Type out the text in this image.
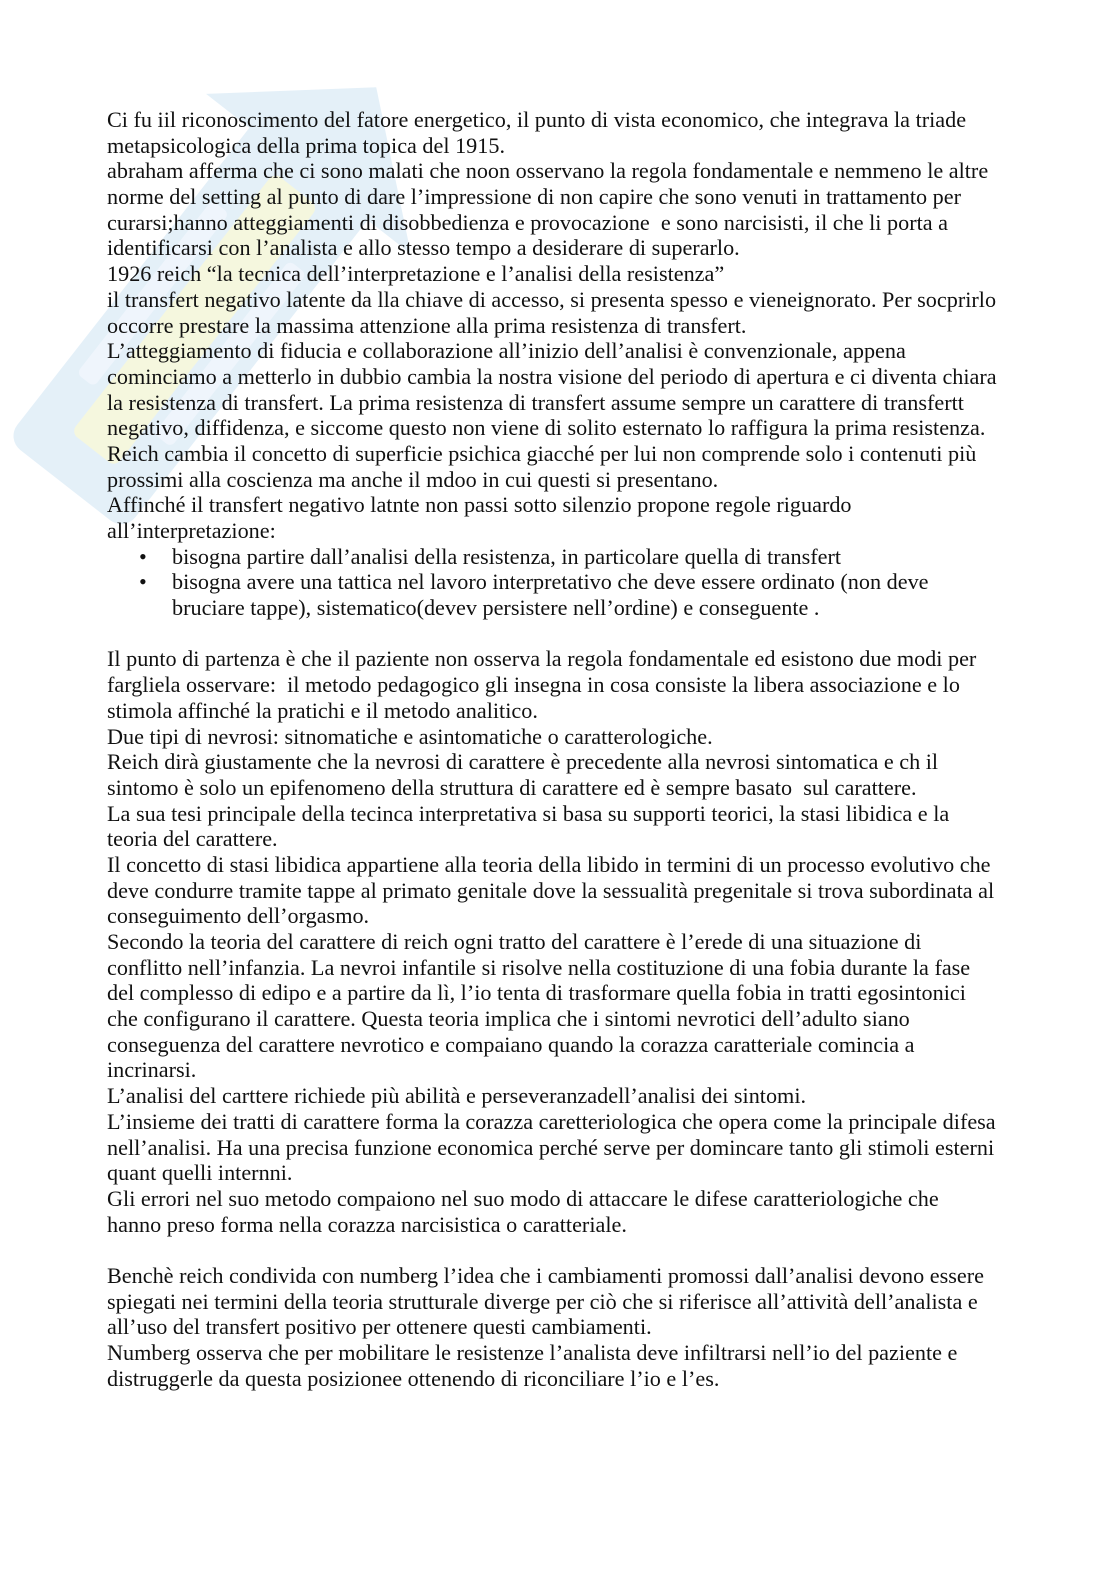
Ci fu iil riconoscimento del fatore energetico, il punto di vista economico, che integrava la triade
metapsicologica della prima topica del 1915.
abraham afferma che ci sono malati che noon osservano la regola fondamentale e nemmeno le altre
norme del setting al punto di dare l’impressione di non capire che sono venuti in trattamento per
curarsi;hanno atteggiamenti di disobbedienza e provocazione  e sono narcisisti, il che li porta a
identificarsi con l’analista e allo stesso tempo a desiderare di superarlo.
1926 reich “la tecnica dell’interpretazione e l’analisi della resistenza”
il transfert negativo latente da lla chiave di accesso, si presenta spesso e vieneignorato. Per socprirlo
occorre prestare la massima attenzione alla prima resistenza di transfert.
L’atteggiamento di fiducia e collaborazione all’inizio dell’analisi è convenzionale, appena
cominciamo a metterlo in dubbio cambia la nostra visione del periodo di apertura e ci diventa chiara
la resistenza di transfert. La prima resistenza di transfert assume sempre un carattere di transfertt
negativo, diffidenza, e siccome questo non viene di solito esternato lo raffigura la prima resistenza.
Reich cambia il concetto di superficie psichica giacché per lui non comprende solo i contenuti più
prossimi alla coscienza ma anche il mdoo in cui questi si presentano.
Affinché il transfert negativo latnte non passi sotto silenzio propone regole riguardo
all’interpretazione:
• bisogna partire dall’analisi della resistenza, in particolare quella di transfert
• bisogna avere una tattica nel lavoro interpretativo che deve essere ordinato (non deve
bruciare tappe), sistematico(devev persistere nell’ordine) e conseguente .
Il punto di partenza è che il paziente non osserva la regola fondamentale ed esistono due modi per
fargliela osservare:  il metodo pedagogico gli insegna in cosa consiste la libera associazione e lo
stimola affinché la pratichi e il metodo analitico.
Due tipi di nevrosi: sitnomatiche e asintomatiche o caratterologiche.
Reich dirà giustamente che la nevrosi di carattere è precedente alla nevrosi sintomatica e ch il
sintomo è solo un epifenomeno della struttura di carattere ed è sempre basato  sul carattere.
La sua tesi principale della tecinca interpretativa si basa su supporti teorici, la stasi libidica e la
teoria del carattere.
Il concetto di stasi libidica appartiene alla teoria della libido in termini di un processo evolutivo che
deve condurre tramite tappe al primato genitale dove la sessualità pregenitale si trova subordinata al
conseguimento dell’orgasmo.
Secondo la teoria del carattere di reich ogni tratto del carattere è l’erede di una situazione di
conflitto nell’infanzia. La nevroi infantile si risolve nella costituzione di una fobia durante la fase
del complesso di edipo e a partire da lì, l’io tenta di trasformare quella fobia in tratti egosintonici
che configurano il carattere. Questa teoria implica che i sintomi nevrotici dell’adulto siano
conseguenza del carattere nevrotico e compaiano quando la corazza caratteriale comincia a
incrinarsi.
L’analisi del carttere richiede più abilità e perseveranzadell’analisi dei sintomi.
L’insieme dei tratti di carattere forma la corazza caretteriologica che opera come la principale difesa
nell’analisi. Ha una precisa funzione economica perché serve per domincare tanto gli stimoli esterni
quant quelli internni.
Gli errori nel suo metodo compaiono nel suo modo di attaccare le difese caratteriologiche che
hanno preso forma nella corazza narcisistica o caratteriale.
Benchè reich condivida con numberg l’idea che i cambiamenti promossi dall’analisi devono essere
spiegati nei termini della teoria strutturale diverge per ciò che si riferisce all’attività dell’analista e
all’uso del transfert positivo per ottenere questi cambiamenti.
Numberg osserva che per mobilitare le resistenze l’analista deve infiltrarsi nell’io del paziente e
distruggerle da questa posizionee ottenendo di riconciliare l’io e l’es.
